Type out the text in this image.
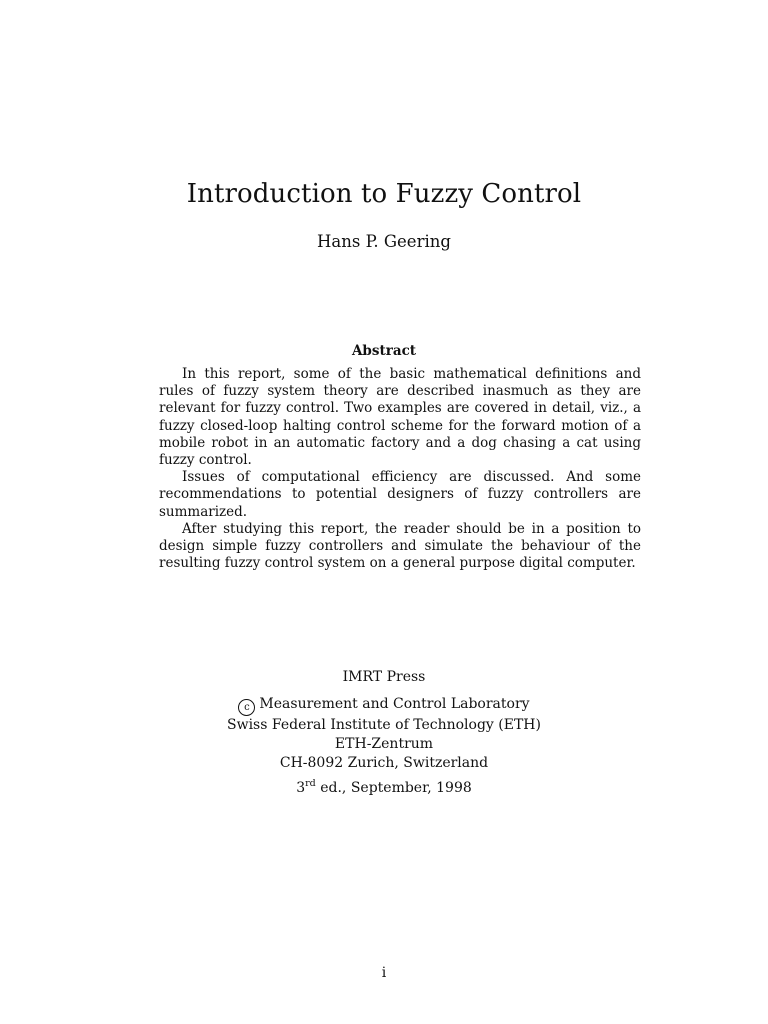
Introduction to Fuzzy Control
Hans P. Geering
Abstract

In this report, some of the basic mathematical definitions and rules of fuzzy system theory are described inasmuch as they are relevant for fuzzy control. Two examples are covered in detail, viz., a fuzzy closed-loop halting control scheme for the forward motion of a mobile robot in an automatic factory and a dog chasing a cat using fuzzy control.

Issues of computational efficiency are discussed. And some recommendations to potential designers of fuzzy controllers are summarized.

After studying this report, the reader should be in a position to design simple fuzzy controllers and simulate the behaviour of the resulting fuzzy control system on a general purpose digital computer.

IMRT Press
c Measurement and Control Laboratory
Swiss Federal Institute of Technology (ETH)
ETH-Zentrum
CH-8092 Zurich, Switzerland
3rd ed., September, 1998
i
